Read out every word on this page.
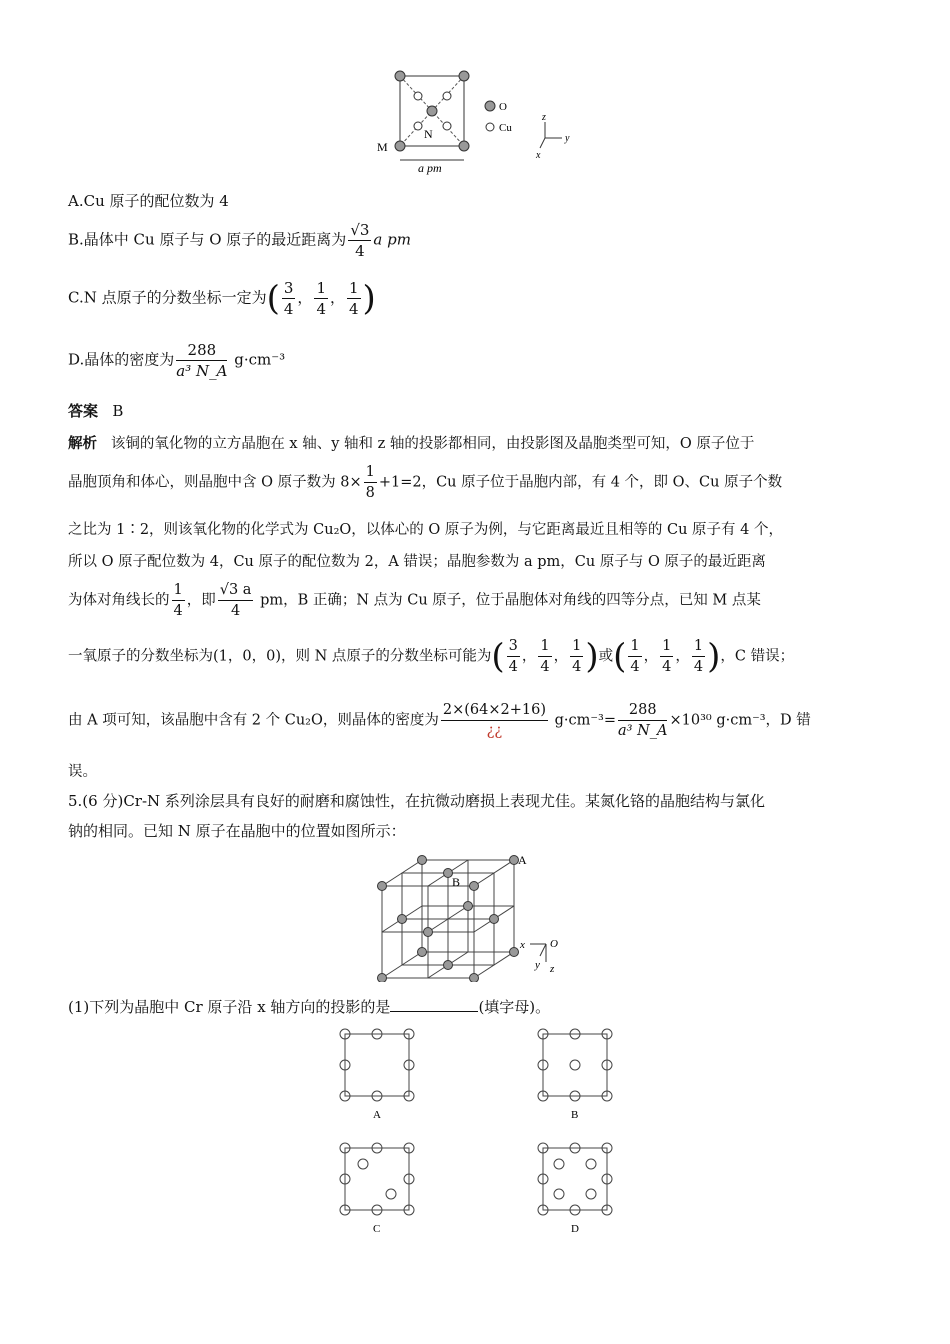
N
M
a pm
O
Cu
z
y
x
A.Cu 原子的配位数为 4
B.晶体中 Cu 原子与 O 原子的最近距离为 $\frac{√3}{4}$ a pm
C.N 点原子的分数坐标一定为( $\frac{3}{4}$ ， $\frac{1}{4}$ ， $\frac{1}{4}$ )
D.晶体的密度为 $\frac{288}{\text{a³ N\_A}} g\cdot cm^{-3}$
答案 B
解析 该铜的氧化物的立方晶胞在 x 轴、y 轴和 z 轴的投影都相同，由投影图及晶胞类型可知，O 原子位于
晶胞顶角和体心，则晶胞中含 O 原子数为 $8\times \frac{1}{8} +1=2$，Cu 原子位于晶胞内部，有 4 个，即 O、Cu 原子个数
之比为 1∶2，则该氧化物的化学式为 Cu₂O，以体心的 O 原子为例，与它距离最近且相等的 Cu 原子有 4 个，
所以 O 原子配位数为 4，Cu 原子的配位数为 2，A 错误；晶胞参数为 a pm，Cu 原子与 O 原子的最近距离
为体对角线长的 $\frac{1}{4}$ ，即 $\frac{√3 a}{4}$ pm，B 正确；N 点为 Cu 原子，位于晶胞体对角线的四等分点，已知 M 点某
一氧原子的分数坐标为(1，0，0)，则 N 点原子的分数坐标可能为( $\frac{3}{4}$ ， $\frac{1}{4}$ ， $\frac{1}{4}$ )或( $\frac{1}{4}$ ， $\frac{1}{4}$ ， $\frac{1}{4}$ )，C 错误；
由 A 项可知，该晶胞中含有 2 个 Cu₂O，则晶体的密度为 $\frac{2\times(64\times 2+16)}{¿¿} g\cdot cm^{-3}= \frac{288}{\text{a³ N\_A}} \times 10^{30}$ g·cm⁻³，D 错
误。
5.(6 分)Cr-N 系列涂层具有良好的耐磨和腐蚀性，在抗微动磨损上表现尤佳。某氮化铬的晶胞结构与氯化
钠的相同。已知 N 原子在晶胞中的位置如图所示：
A
B
x O
y z
(1)下列为晶胞中 Cr 原子沿 x 轴方向的投影的是	(填字母)。
A	B
C	D
